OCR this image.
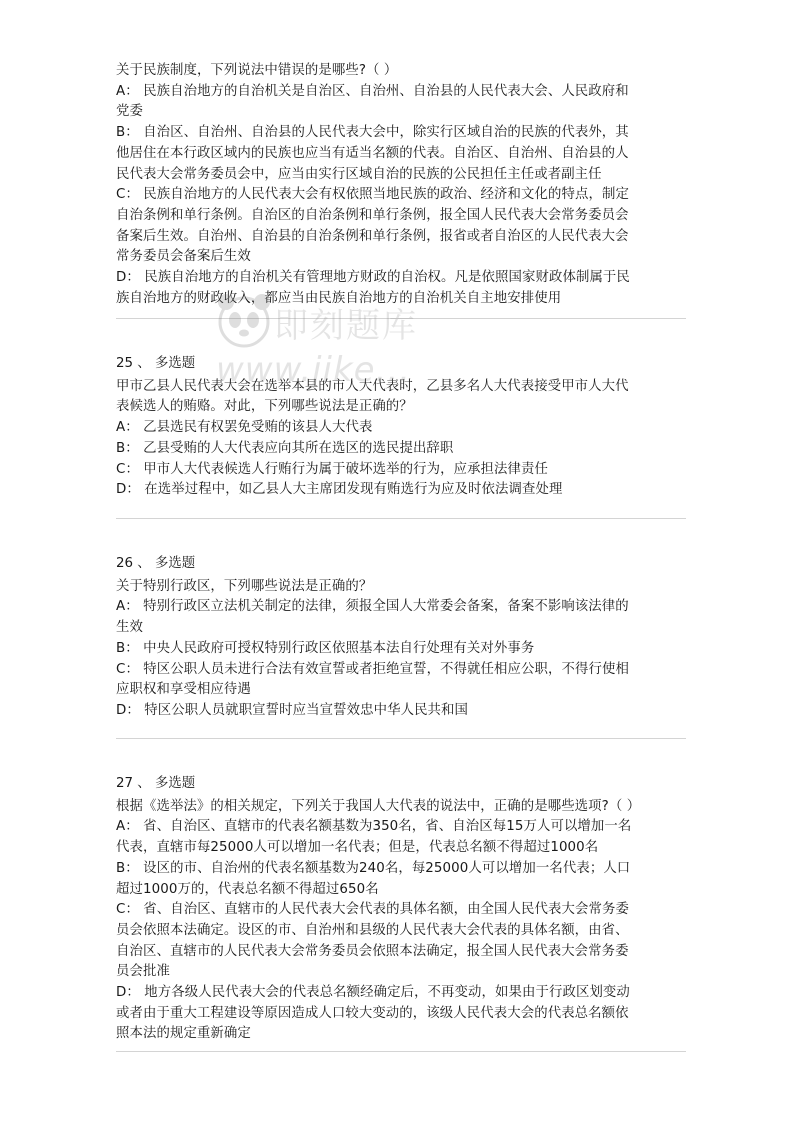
关于民族制度，下列说法中错误的是哪些?（ ）
A： 民族自治地方的自治机关是自治区、自治州、自治县的人民代表大会、人民政府和
党委
B： 自治区、自治州、自治县的人民代表大会中，除实行区域自治的民族的代表外，其
他居住在本行政区域内的民族也应当有适当名额的代表。自治区、自治州、自治县的人
民代表大会常务委员会中，应当由实行区域自治的民族的公民担任主任或者副主任
C： 民族自治地方的人民代表大会有权依照当地民族的政治、经济和文化的特点，制定
自治条例和单行条例。自治区的自治条例和单行条例，报全国人民代表大会常务委员会
备案后生效。自治州、自治县的自治条例和单行条例，报省或者自治区的人民代表大会
常务委员会备案后生效
D： 民族自治地方的自治机关有管理地方财政的自治权。凡是依照国家财政体制属于民
族自治地方的财政收入，都应当由民族自治地方的自治机关自主地安排使用
25 、 多选题
甲市乙县人民代表大会在选举本县的市人大代表时，乙县多名人大代表接受甲市人大代
表候选人的贿赂。对此，下列哪些说法是正确的？
A： 乙县选民有权罢免受贿的该县人大代表
B： 乙县受贿的人大代表应向其所在选区的选民提出辞职
C： 甲市人大代表候选人行贿行为属于破坏选举的行为，应承担法律责任
D： 在选举过程中，如乙县人大主席团发现有贿选行为应及时依法调查处理
26 、 多选题
关于特别行政区，下列哪些说法是正确的？
A： 特别行政区立法机关制定的法律，须报全国人大常委会备案，备案不影响该法律的
生效
B： 中央人民政府可授权特别行政区依照基本法自行处理有关对外事务
C： 特区公职人员未进行合法有效宣誓或者拒绝宣誓，不得就任相应公职，不得行使相
应职权和享受相应待遇
D： 特区公职人员就职宣誓时应当宣誓效忠中华人民共和国
27 、 多选题
根据《选举法》的相关规定，下列关于我国人大代表的说法中，正确的是哪些选项?（ ）
A： 省、自治区、直辖市的代表名额基数为350名，省、自治区每15万人可以增加一名
代表，直辖市每25000人可以增加一名代表；但是，代表总名额不得超过1000名
B： 设区的市、自治州的代表名额基数为240名，每25000人可以增加一名代表；人口
超过1000万的，代表总名额不得超过650名
C： 省、自治区、直辖市的人民代表大会代表的具体名额，由全国人民代表大会常务委
员会依照本法确定。设区的市、自治州和县级的人民代表大会代表的具体名额，由省、
自治区、直辖市的人民代表大会常务委员会依照本法确定，报全国人民代表大会常务委
员会批准
D： 地方各级人民代表大会的代表总名额经确定后，不再变动，如果由于行政区划变动
或者由于重大工程建设等原因造成人口较大变动的，该级人民代表大会的代表总名额依
照本法的规定重新确定
即刻题库
www.jike...
